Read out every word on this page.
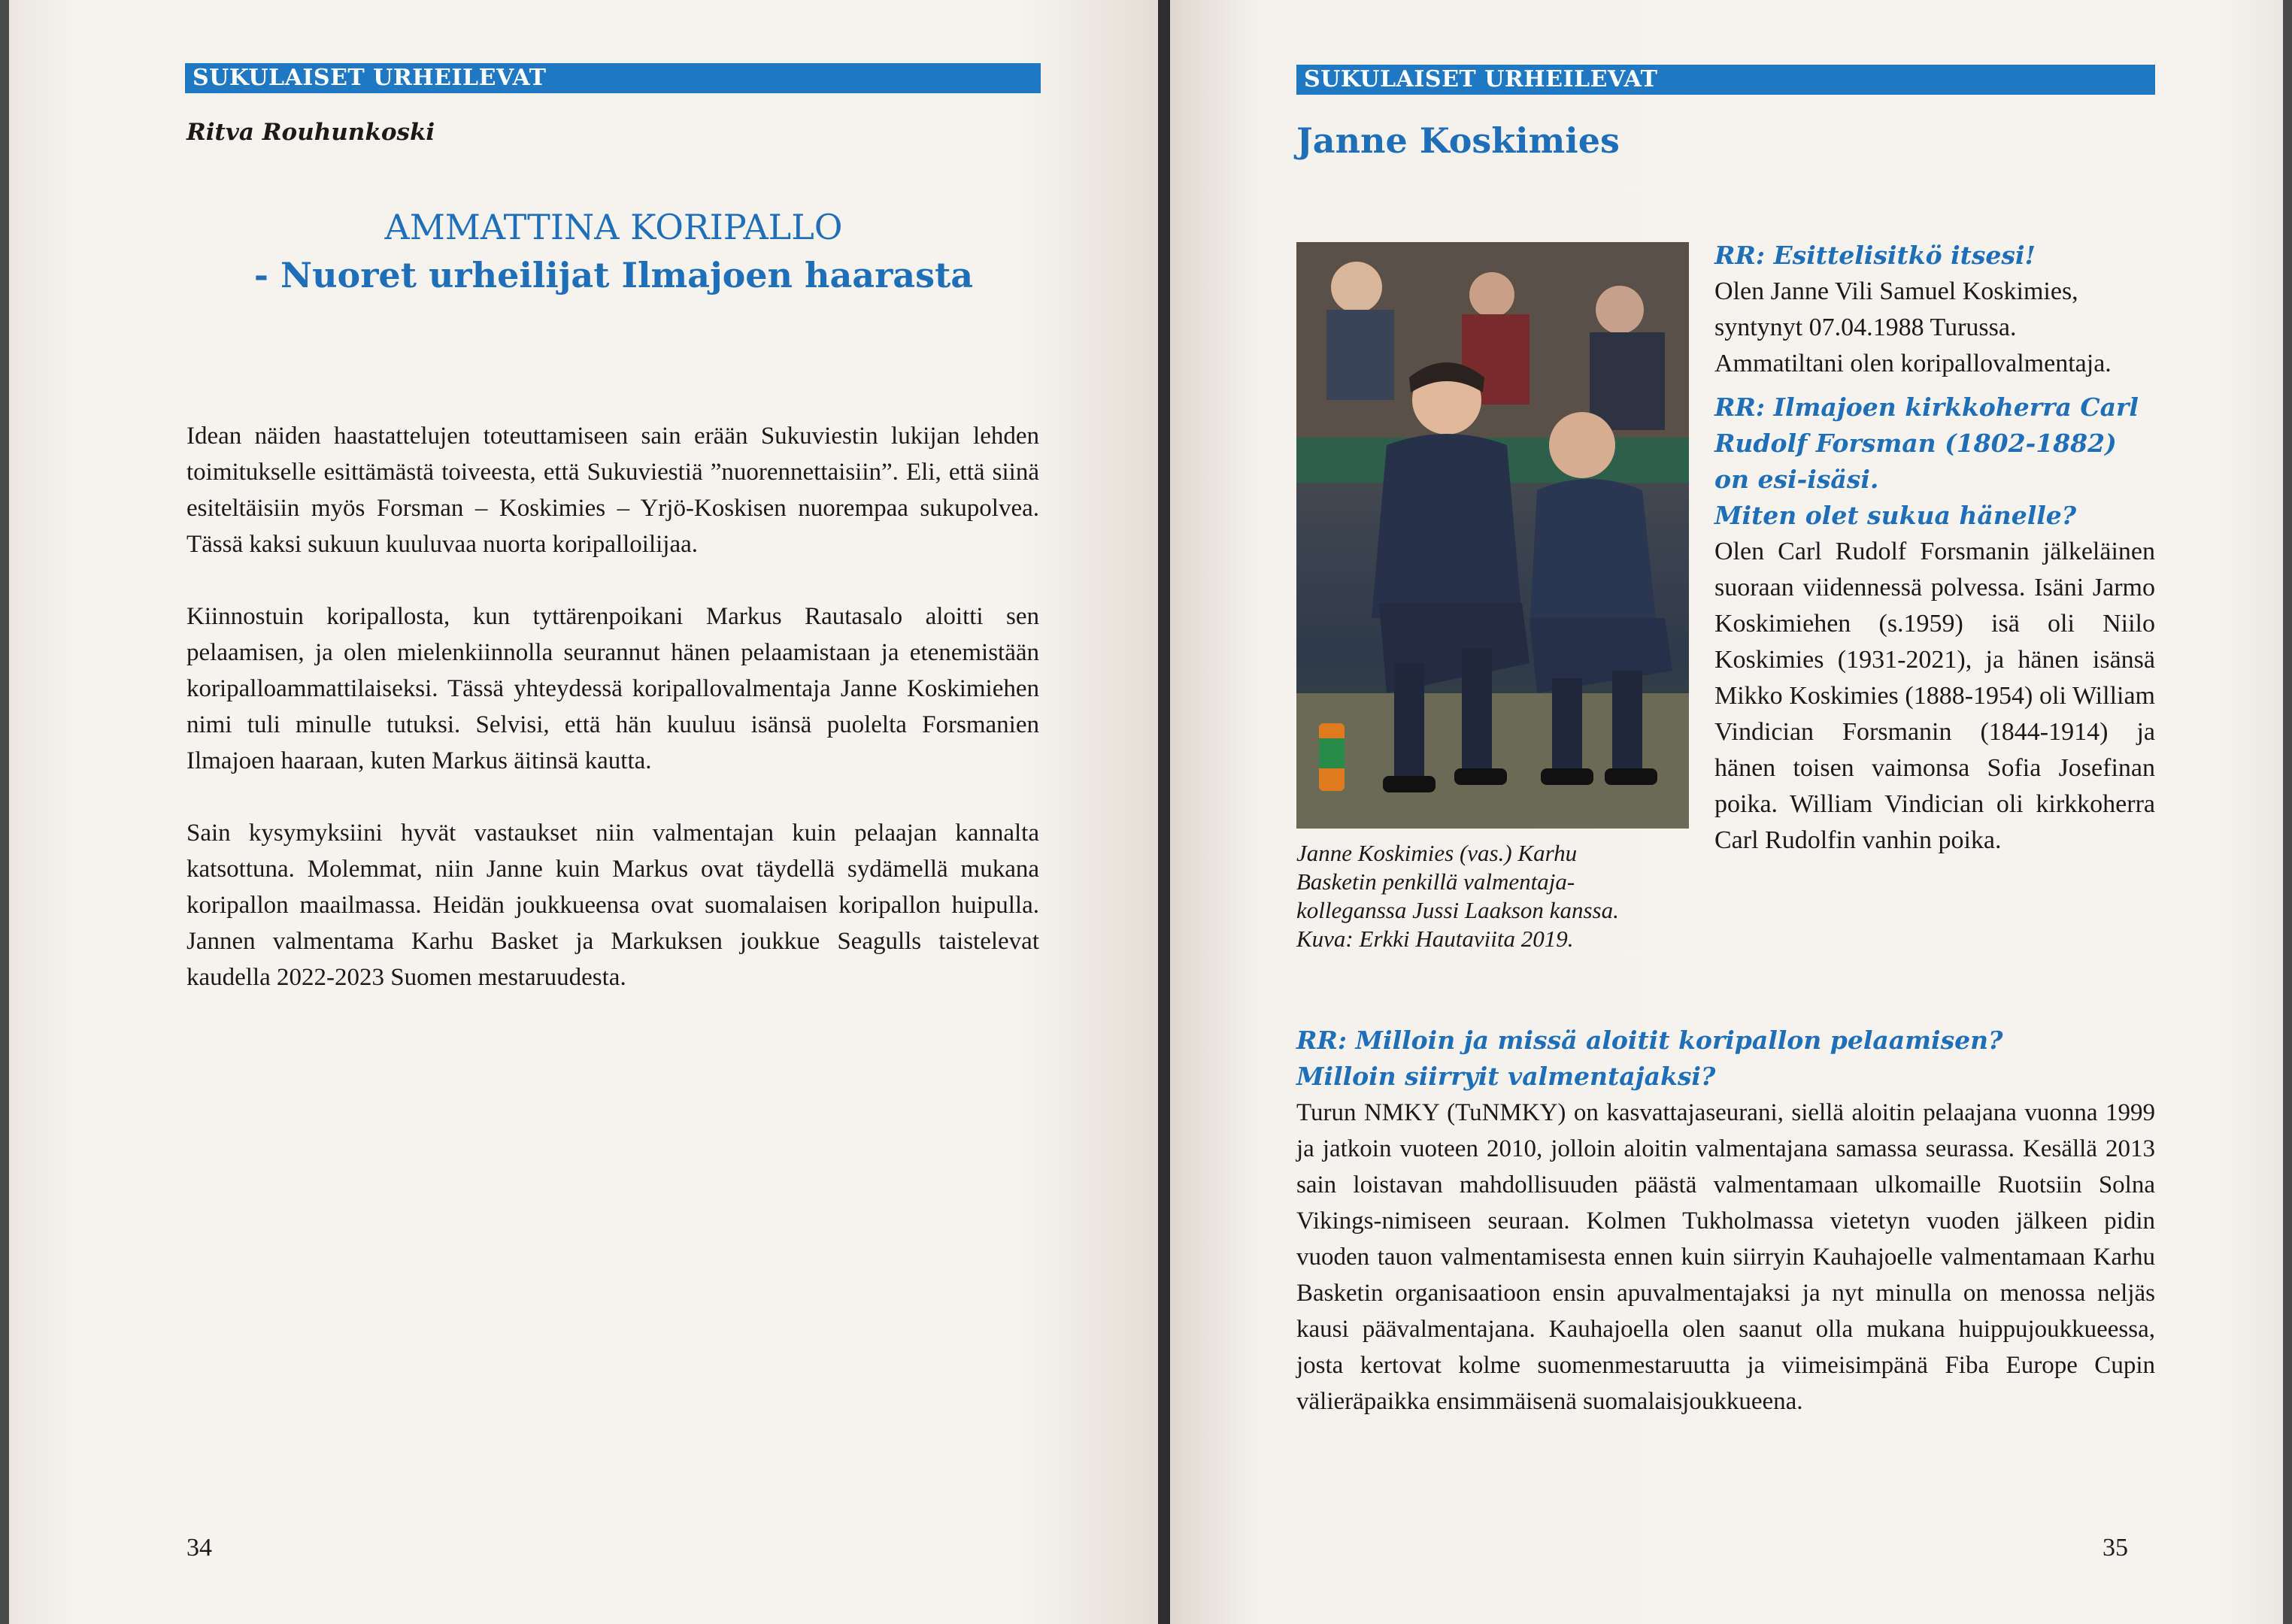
SUKULAISET URHEILEVAT
Ritva Rouhunkoski
AMMATTINA KORIPALLO
- Nuoret urheilijat Ilmajoen haarasta

Idean näiden haastattelujen toteuttamiseen sain erään Sukuviestin lukijan lehden toimitukselle esittämästä toiveesta, että Sukuviestiä ”nuorennettaisiin”. Eli, että siinä esiteltäisiin myös Forsman – Koskimies – Yrjö-Koskisen nuorempaa sukupolvea. Tässä kaksi sukuun kuuluvaa nuorta koripalloilijaa.

Kiinnostuin koripallosta, kun tyttärenpoikani Markus Rautasalo aloitti sen pelaamisen, ja olen mielenkiinnolla seurannut hänen pelaamistaan ja etenemistään koripalloammattilaiseksi. Tässä yhteydessä koripallovalmentaja Janne Koskimiehen nimi tuli minulle tutuksi. Selvisi, että hän kuuluu isänsä puolelta Forsmanien Ilmajoen haaraan, kuten Markus äitinsä kautta.

Sain kysymyksiini hyvät vastaukset niin valmentajan kuin pelaajan kannalta katsottuna. Molemmat, niin Janne kuin Markus ovat täydellä sydämellä mukana koripallon maailmassa. Heidän joukkueensa ovat suomalaisen koripallon huipulla. Jannen valmentama Karhu Basket ja Markuksen joukkue Seagulls taistelevat kaudella 2022-2023 Suomen mestaruudesta.

34
SUKULAISET URHEILEVAT
Janne Koskimies
Janne Koskimies (vas.) Karhu
Basketin penkillä valmentaja-
kolleganssa Jussi Laakson kanssa.
Kuva: Erkki Hautaviita 2019.
RR: Esittelisitkö itsesi!
Olen Janne Vili Samuel Koskimies,
syntynyt 07.04.1988 Turussa.
Ammatiltani olen koripallovalmentaja.
RR: Ilmajoen kirkkoherra Carl
Rudolf Forsman (1802-1882)
on esi-isäsi.
Miten olet sukua hänelle?
Olen Carl Rudolf Forsmanin jälkeläinen suoraan viidennessä polvessa. Isäni Jarmo Koskimiehen (s.1959) isä oli Niilo Koskimies (1931-2021), ja hänen isänsä Mikko Koskimies (1888-1954) oli William Vindician Forsmanin (1844-1914) ja hänen toisen vaimonsa Sofia Josefinan poika. William Vindician oli kirkkoherra Carl Rudolfin vanhin poika.
RR: Milloin ja missä aloitit koripallon pelaamisen?
Milloin siirryit valmentajaksi?
Turun NMKY (TuNMKY) on kasvattajaseurani, siellä aloitin pelaajana vuonna 1999 ja jatkoin vuoteen 2010, jolloin aloitin valmentajana samassa seurassa. Kesällä 2013 sain loistavan mahdollisuuden päästä valmentamaan ulkomaille Ruotsiin Solna Vikings-nimiseen seuraan. Kolmen Tukholmassa vietetyn vuoden jälkeen pidin vuoden tauon valmentamisesta ennen kuin siirryin Kauhajoelle valmentamaan Karhu Basketin organisaatioon ensin apuvalmentajaksi ja nyt minulla on menossa neljäs kausi päävalmentajana. Kauhajoella olen saanut olla mukana huippujoukkueessa, josta kertovat kolme suomenmestaruutta ja viimeisimpänä Fiba Europe Cupin välieräpaikka ensimmäisenä suomalaisjoukkueena.
35
